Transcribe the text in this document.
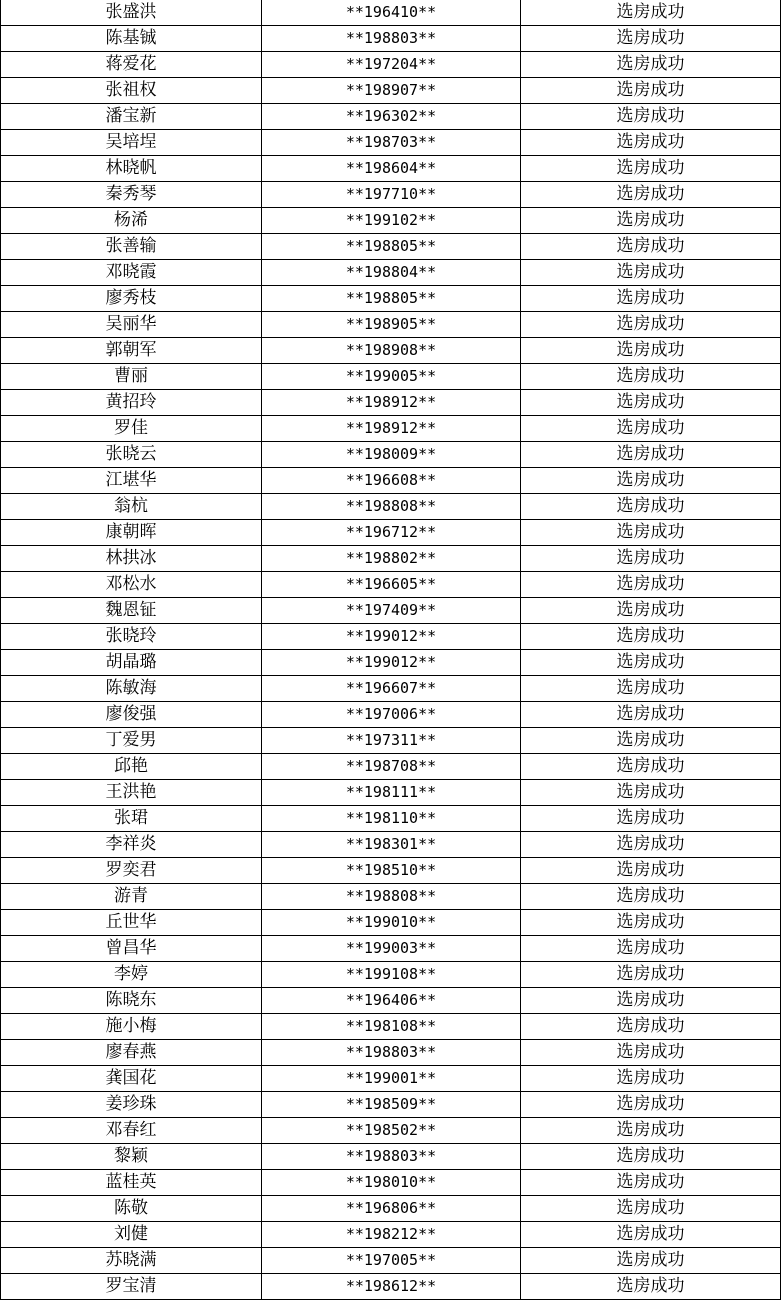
张盛洪	**196410**	选房成功
陈基铖	**198803**	选房成功
蒋爱花	**197204**	选房成功
张祖权	**198907**	选房成功
潘宝新	**196302**	选房成功
吴培埕	**198703**	选房成功
林晓帆	**198604**	选房成功
秦秀琴	**197710**	选房成功
杨浠	**199102**	选房成功
张善输	**198805**	选房成功
邓晓霞	**198804**	选房成功
廖秀枝	**198805**	选房成功
吴丽华	**198905**	选房成功
郭朝军	**198908**	选房成功
曹丽	**199005**	选房成功
黄招玲	**198912**	选房成功
罗佳	**198912**	选房成功
张晓云	**198009**	选房成功
江堪华	**196608**	选房成功
翁杭	**198808**	选房成功
康朝晖	**196712**	选房成功
林拱冰	**198802**	选房成功
邓松水	**196605**	选房成功
魏恩钲	**197409**	选房成功
张晓玲	**199012**	选房成功
胡晶璐	**199012**	选房成功
陈敏海	**196607**	选房成功
廖俊强	**197006**	选房成功
丁爱男	**197311**	选房成功
邱艳	**198708**	选房成功
王洪艳	**198111**	选房成功
张珺	**198110**	选房成功
李祥炎	**198301**	选房成功
罗奕君	**198510**	选房成功
游青	**198808**	选房成功
丘世华	**199010**	选房成功
曾昌华	**199003**	选房成功
李婷	**199108**	选房成功
陈晓东	**196406**	选房成功
施小梅	**198108**	选房成功
廖春燕	**198803**	选房成功
龚国花	**199001**	选房成功
姜珍珠	**198509**	选房成功
邓春红	**198502**	选房成功
黎颖	**198803**	选房成功
蓝桂英	**198010**	选房成功
陈敬	**196806**	选房成功
刘健	**198212**	选房成功
苏晓满	**197005**	选房成功
罗宝清	**198612**	选房成功
